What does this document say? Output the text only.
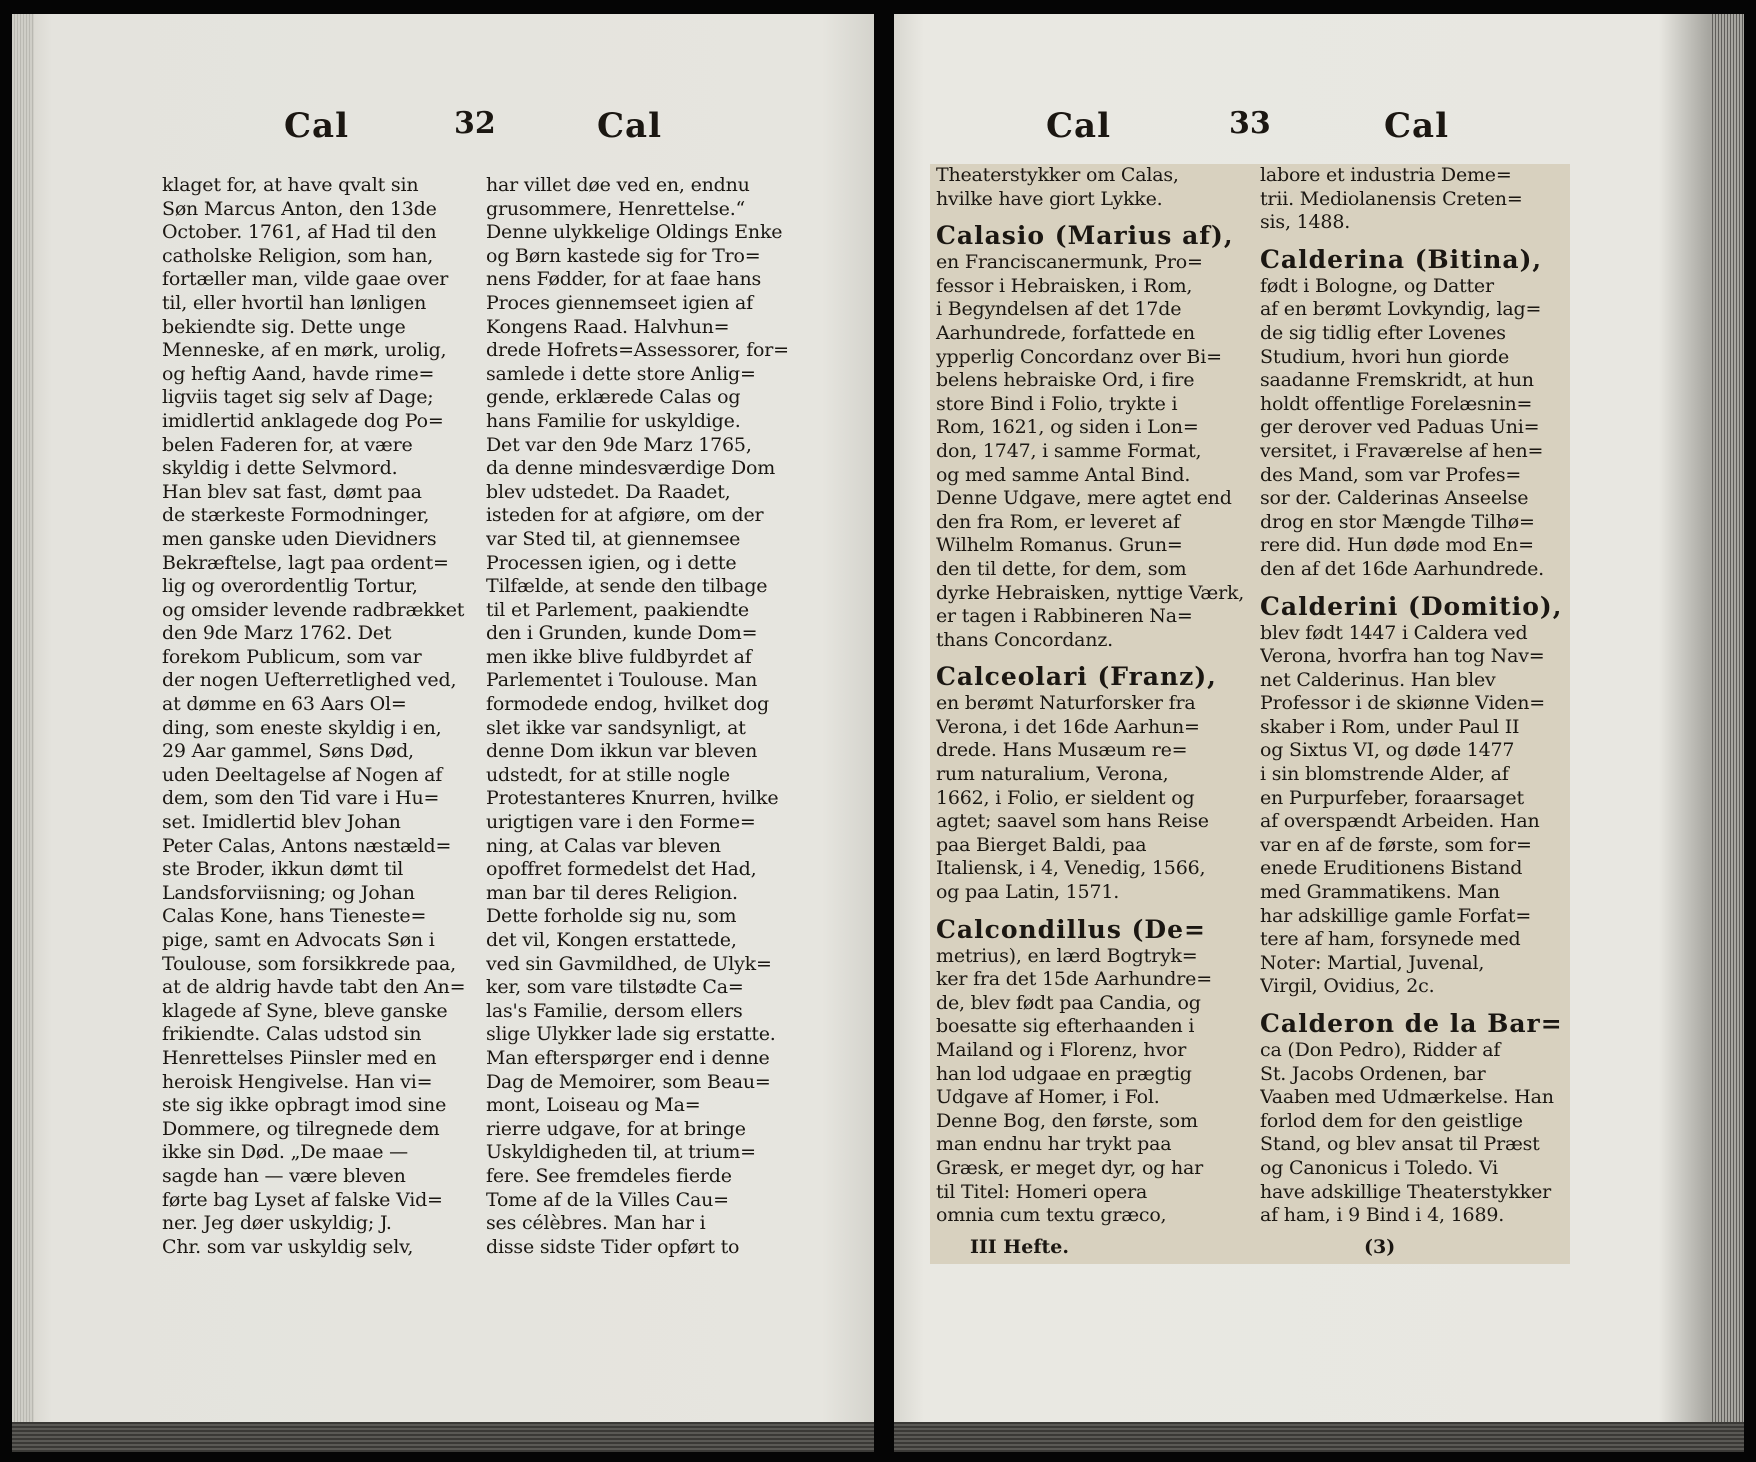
Cal	32	Cal
klaget for, at have qvalt sin
Søn Marcus Anton, den 13de
October. 1761, af Had til den
catholske Religion, som han,
fortæller man, vilde gaae over
til, eller hvortil han lønligen
bekiendte sig. Dette unge
Menneske, af en mørk, urolig,
og heftig Aand, havde rime=
ligviis taget sig selv af Dage;
imidlertid anklagede dog Po=
belen Faderen for, at være
skyldig i dette Selvmord.
Han blev sat fast, dømt paa
de stærkeste Formodninger,
men ganske uden Dievidners
Bekræftelse, lagt paa ordent=
lig og overordentlig Tortur,
og omsider levende radbrækket
den 9de Marz 1762. Det
forekom Publicum, som var
der nogen Uefterretlighed ved,
at dømme en 63 Aars Ol=
ding, som eneste skyldig i en,
29 Aar gammel, Søns Død,
uden Deeltagelse af Nogen af
dem, som den Tid vare i Hu=
set. Imidlertid blev Johan
Peter Calas, Antons næstæld=
ste Broder, ikkun dømt til
Landsforviisning; og Johan
Calas Kone, hans Tieneste=
pige, samt en Advocats Søn i
Toulouse, som forsikkrede paa,
at de aldrig havde tabt den An=
klagede af Syne, bleve ganske
frikiendte. Calas udstod sin
Henrettelses Piinsler med en
heroisk Hengivelse. Han vi=
ste sig ikke opbragt imod sine
Dommere, og tilregnede dem
ikke sin Død. „De maae —
sagde han — være bleven
førte bag Lyset af falske Vid=
ner. Jeg døer uskyldig; J.
Chr. som var uskyldig selv,
har villet døe ved en, endnu
grusommere, Henrettelse.“
Denne ulykkelige Oldings Enke
og Børn kastede sig for Tro=
nens Fødder, for at faae hans
Proces giennemseet igien af
Kongens Raad. Halvhun=
drede Hofrets=Assessorer, for=
samlede i dette store Anlig=
gende, erklærede Calas og
hans Familie for uskyldige.
Det var den 9de Marz 1765,
da denne mindesværdige Dom
blev udstedet. Da Raadet,
isteden for at afgiøre, om der
var Sted til, at giennemsee
Processen igien, og i dette
Tilfælde, at sende den tilbage
til et Parlement, paakiendte
den i Grunden, kunde Dom=
men ikke blive fuldbyrdet af
Parlementet i Toulouse. Man
formodede endog, hvilket dog
slet ikke var sandsynligt, at
denne Dom ikkun var bleven
udstedt, for at stille nogle
Protestanteres Knurren, hvilke
urigtigen vare i den Forme=
ning, at Calas var bleven
opoffret formedelst det Had,
man bar til deres Religion.
Dette forholde sig nu, som
det vil, Kongen erstattede,
ved sin Gavmildhed, de Ulyk=
ker, som vare tilstødte Ca=
las's Familie, dersom ellers
slige Ulykker lade sig erstatte.
Man efterspørger end i denne
Dag de Memoirer, som Beau=
mont, Loiseau og Ma=
rierre udgave, for at bringe
Uskyldigheden til, at trium=
fere. See fremdeles fierde
Tome af de la Villes Cau=
ses célèbres. Man har i
disse sidste Tider opført to
Cal	33	Cal
Theaterstykker om Calas,
hvilke have giort Lykke.
Calasio (Marius af),
en Franciscanermunk, Pro=
fessor i Hebraisken, i Rom,
i Begyndelsen af det 17de
Aarhundrede, forfattede en
ypperlig Concordanz over Bi=
belens hebraiske Ord, i fire
store Bind i Folio, trykte i
Rom, 1621, og siden i Lon=
don, 1747, i samme Format,
og med samme Antal Bind.
Denne Udgave, mere agtet end
den fra Rom, er leveret af
Wilhelm Romanus. Grun=
den til dette, for dem, som
dyrke Hebraisken, nyttige Værk,
er tagen i Rabbineren Na=
thans Concordanz.
Calceolari (Franz),
en berømt Naturforsker fra
Verona, i det 16de Aarhun=
drede. Hans Musæum re=
rum naturalium, Verona,
1662, i Folio, er sieldent og
agtet; saavel som hans Reise
paa Bierget Baldi, paa
Italiensk, i 4, Venedig, 1566,
og paa Latin, 1571.
Calcondillus (De=
metrius), en lærd Bogtryk=
ker fra det 15de Aarhundre=
de, blev født paa Candia, og
boesatte sig efterhaanden i
Mailand og i Florenz, hvor
han lod udgaae en prægtig
Udgave af Homer, i Fol.
Denne Bog, den første, som
man endnu har trykt paa
Græsk, er meget dyr, og har
til Titel: Homeri opera
omnia cum textu græco,
labore et industria Deme=
trii. Mediolanensis Creten=
sis, 1488.
Calderina (Bitina),
født i Bologne, og Datter
af en berømt Lovkyndig, lag=
de sig tidlig efter Lovenes
Studium, hvori hun giorde
saadanne Fremskridt, at hun
holdt offentlige Forelæsnin=
ger derover ved Paduas Uni=
versitet, i Fraværelse af hen=
des Mand, som var Profes=
sor der. Calderinas Anseelse
drog en stor Mængde Tilhø=
rere did. Hun døde mod En=
den af det 16de Aarhundrede.
Calderini (Domitio),
blev født 1447 i Caldera ved
Verona, hvorfra han tog Nav=
net Calderinus. Han blev
Professor i de skiønne Viden=
skaber i Rom, under Paul II
og Sixtus VI, og døde 1477
i sin blomstrende Alder, af
en Purpurfeber, foraarsaget
af overspændt Arbeiden. Han
var en af de første, som for=
enede Eruditionens Bistand
med Grammatikens. Man
har adskillige gamle Forfat=
tere af ham, forsynede med
Noter: Martial, Juvenal,
Virgil, Ovidius, 2c.
Calderon de la Bar=
ca (Don Pedro), Ridder af
St. Jacobs Ordenen, bar
Vaaben med Udmærkelse. Han
forlod dem for den geistlige
Stand, og blev ansat til Præst
og Canonicus i Toledo. Vi
have adskillige Theaterstykker
af ham, i 9 Bind i 4, 1689.
III Hefte.	(3)
